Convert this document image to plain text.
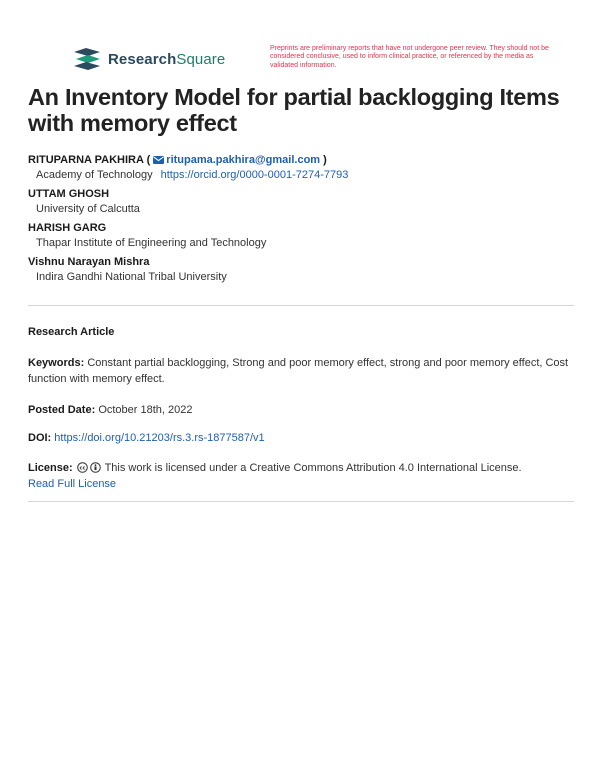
ResearchSquare
Preprints are preliminary reports that have not undergone peer review. They should not be considered conclusive, used to inform clinical practice, or referenced by the media as validated information.
An Inventory Model for partial backlogging Items with memory effect
RITUPARNA PAKHIRA ( ritupama.pakhira@gmail.com )
Academy of Technology https://orcid.org/0000-0001-7274-7793
UTTAM GHOSH
University of Calcutta
HARISH GARG
Thapar Institute of Engineering and Technology
Vishnu Narayan Mishra
Indira Gandhi National Tribal University
Research Article
Keywords: Constant partial backlogging, Strong and poor memory effect, strong and poor memory effect, Cost function with memory effect.
Posted Date: October 18th, 2022
DOI: https://doi.org/10.21203/rs.3.rs-1877587/v1
License: cc This work is licensed under a Creative Commons Attribution 4.0 International License.
Read Full License
